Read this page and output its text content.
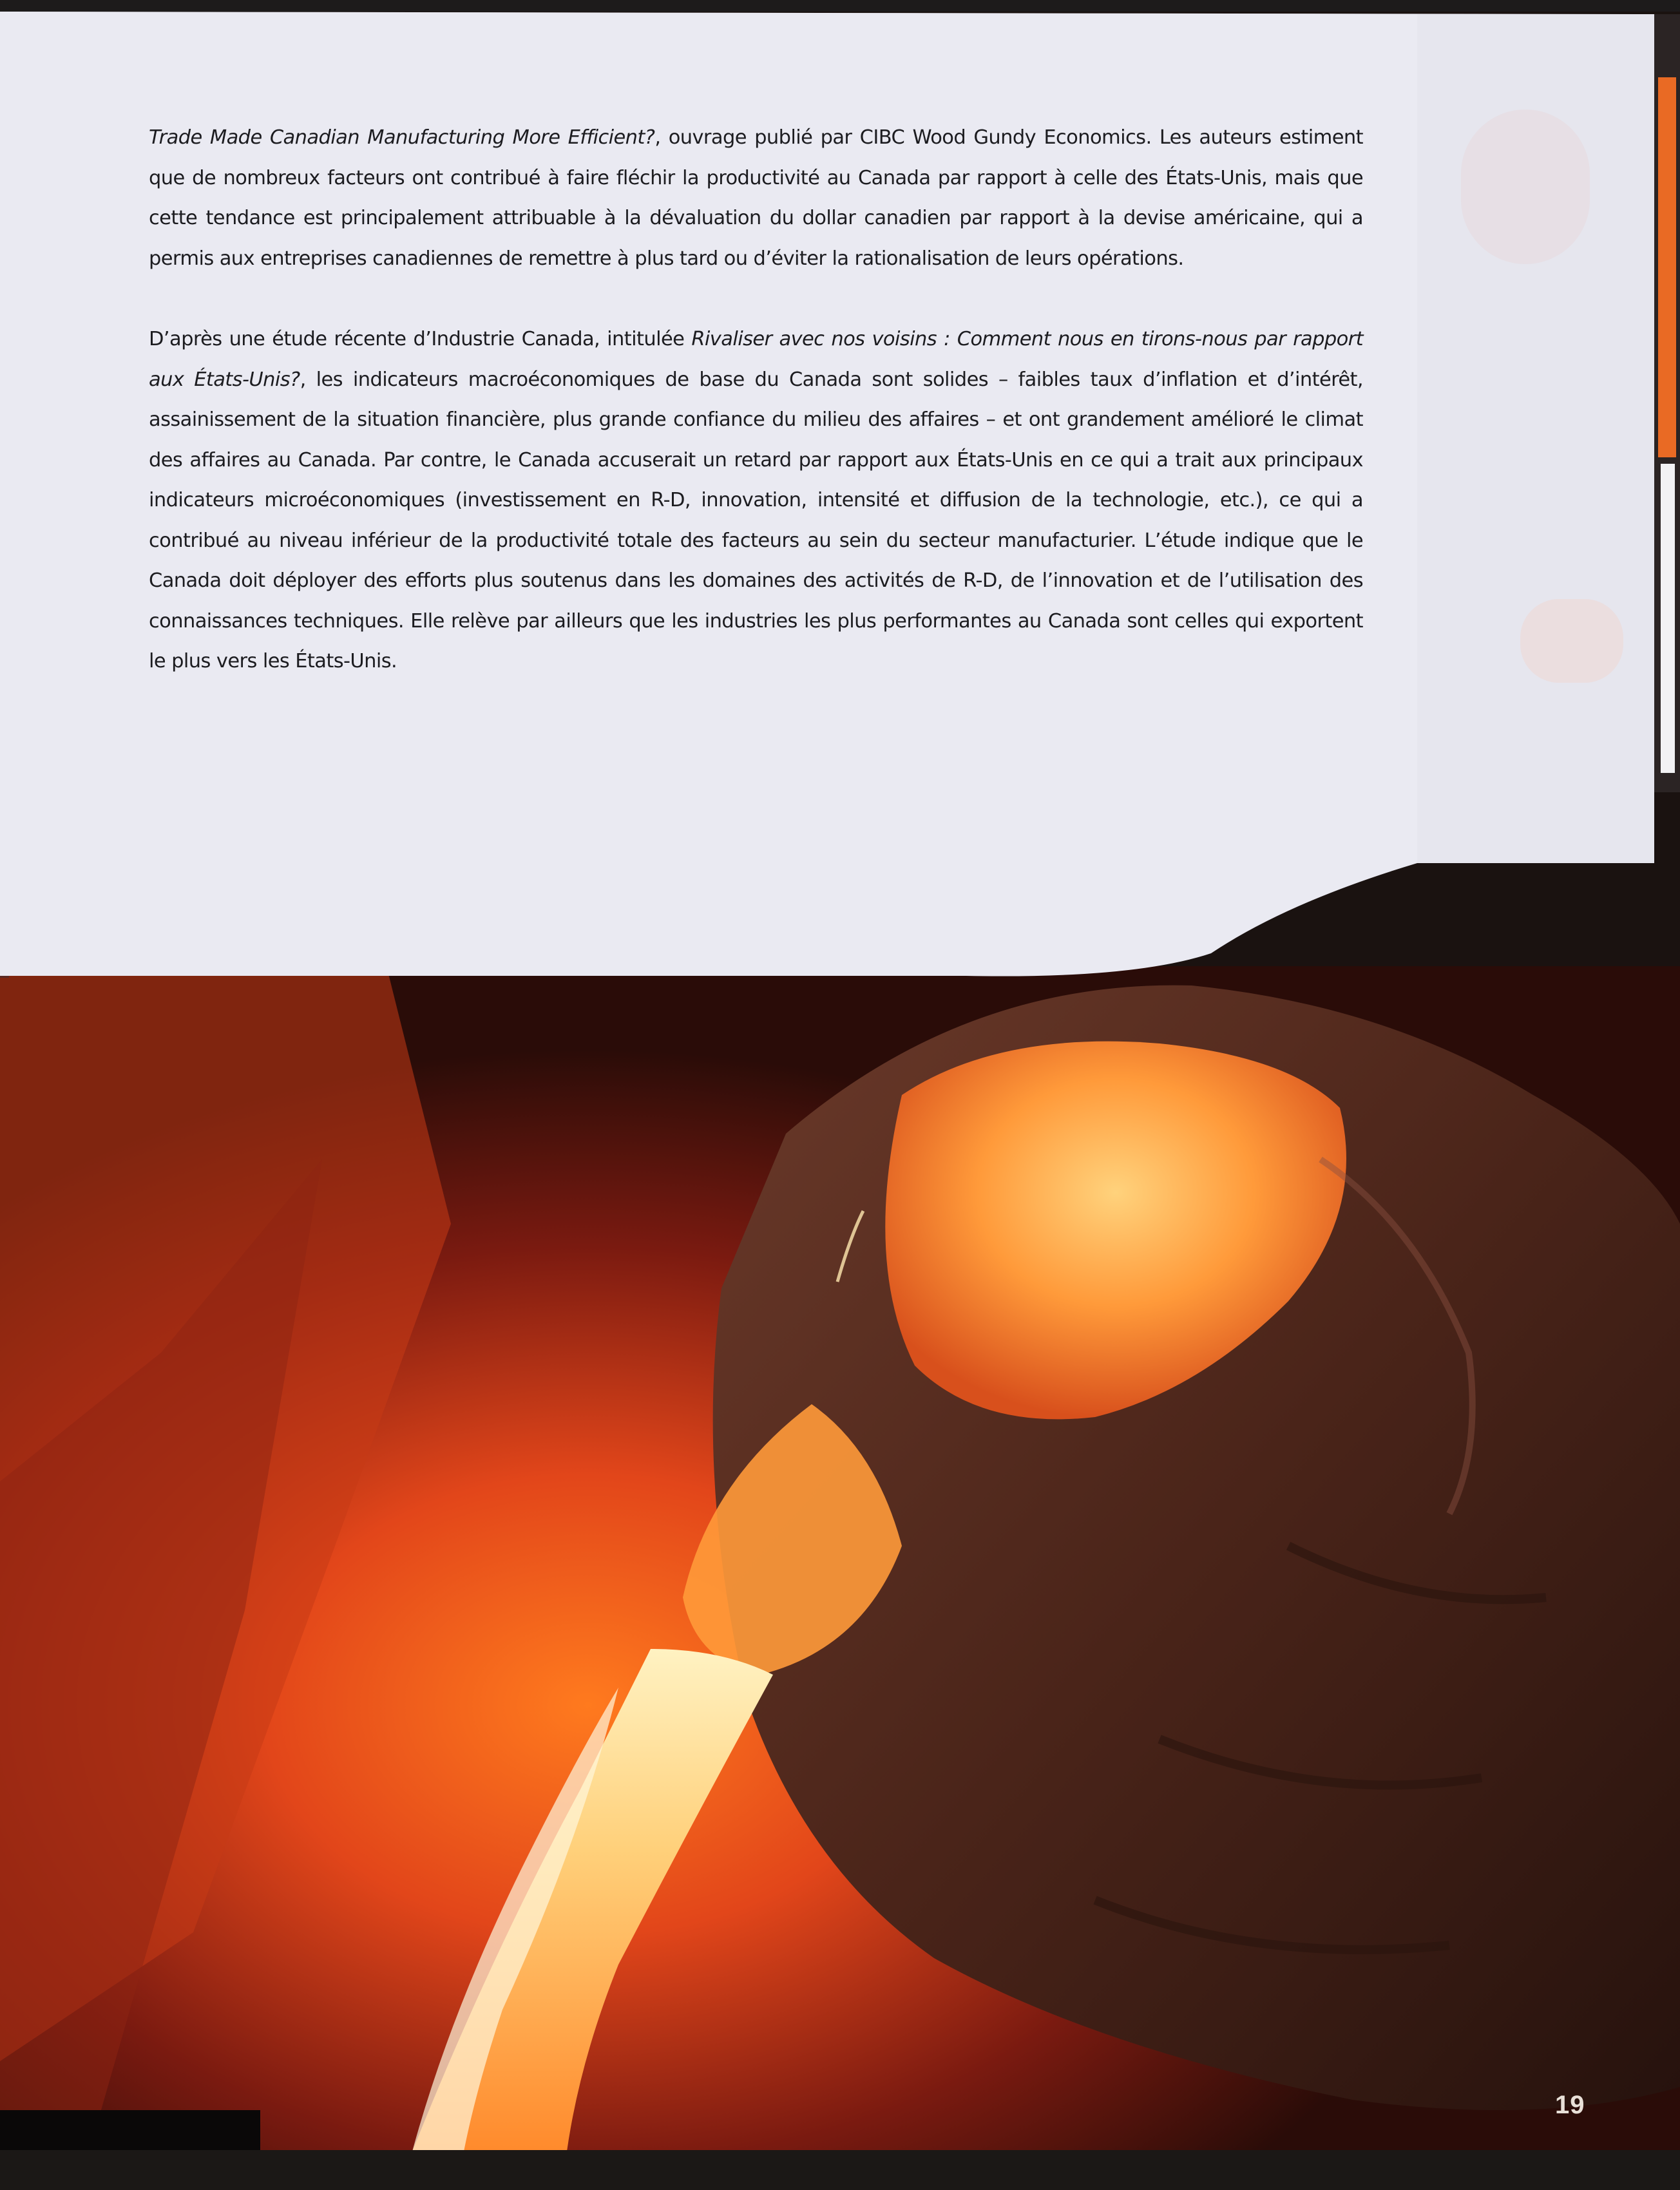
Trade Made Canadian Manufacturing More Efficient?, ouvrage publié par CIBC Wood Gundy Economics. Les auteurs estiment que de nombreux facteurs ont contribué à faire fléchir la productivité au Canada par rapport à celle des États-Unis, mais que cette tendance est principalement attribuable à la dévaluation du dollar canadien par rapport à la devise américaine, qui a permis aux entreprises canadiennes de remettre à plus tard ou d’éviter la rationalisation de leurs opérations.

D’après une étude récente d’Industrie Canada, intitulée Rivaliser avec nos voisins : Comment nous en tirons-nous par rapport aux États-Unis?, les indicateurs macroéconomiques de base du Canada sont solides – faibles taux d’inflation et d’intérêt, assainissement de la situation financière, plus grande confiance du milieu des affaires – et ont grandement amélioré le climat des affaires au Canada. Par contre, le Canada accuserait un retard par rapport aux États-Unis en ce qui a trait aux principaux indicateurs microéconomiques (investissement en R-D, innovation, intensité et diffusion de la technologie, etc.), ce qui a contribué au niveau inférieur de la productivité totale des facteurs au sein du secteur manufacturier. L’étude indique que le Canada doit déployer des efforts plus soutenus dans les domaines des activités de R-D, de l’innovation et de l’utilisation des connaissances techniques. Elle relève par ailleurs que les industries les plus performantes au Canada sont celles qui exportent le plus vers les États-Unis.

19
